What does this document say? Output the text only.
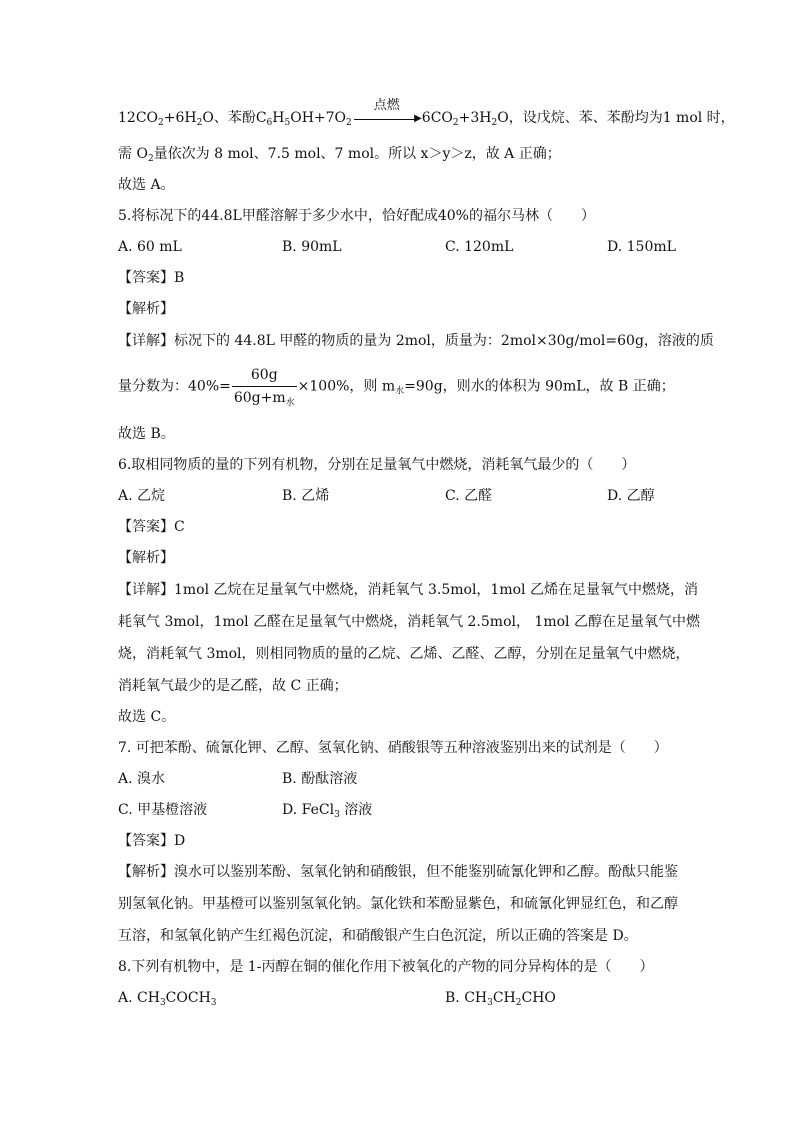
$12CO_2+6H_2O$、苯酚$C_6H_5OH+7O_2$
点燃
▶ $6CO_2+3H_2O$，设戊烷、苯、苯酚均为1 mol 时，
需 $O_2$量依次为 8 mol、7.5 mol、7 mol。所以 x＞y＞z，故 A 正确；
故选 A。
5.将标况下的44.8L甲醛溶解于多少水中，恰好配成40%的福尔马林（　　）
A. 60 mL	B. 90mL	C. 120mL	D. 150mL
【答案】B
【解析】
【详解】标况下的 44.8L 甲醛的物质的量为 2mol，质量为：2mol×30g/mol=60g，溶液的质
量分数为：$40\%= \frac{60g}{60g+m_水} \times 100\%$，则 $m_水=90g$，则水的体积为 90mL，故 B 正确；
故选 B。
6.取相同物质的量的下列有机物，分别在足量氧气中燃烧，消耗氧气最少的（　　）
A. 乙烷	B. 乙烯	C. 乙醛	D. 乙醇
【答案】C
【解析】
【详解】1mol 乙烷在足量氧气中燃烧，消耗氧气 3.5mol，1mol 乙烯在足量氧气中燃烧，消
耗氧气 3mol，1mol 乙醛在足量氧气中燃烧，消耗氧气 2.5mol， 1mol 乙醇在足量氧气中燃
烧，消耗氧气 3mol，则相同物质的量的乙烷、乙烯、乙醛、乙醇，分别在足量氧气中燃烧，
消耗氧气最少的是乙醛，故 C 正确；
故选 C。
7. 可把苯酚、硫氰化钾、乙醇、氢氧化钠、硝酸银等五种溶液鉴别出来的试剂是（　　）
A. 溴水	B. 酚酞溶液
C. 甲基橙溶液	D. FeCl$_3$ 溶液
【答案】D
【解析】溴水可以鉴别苯酚、氢氧化钠和硝酸银，但不能鉴别硫氰化钾和乙醇。酚酞只能鉴
别氢氧化钠。甲基橙可以鉴别氢氧化钠。氯化铁和苯酚显紫色，和硫氰化钾显红色，和乙醇
互溶，和氢氧化钠产生红褐色沉淀，和硝酸银产生白色沉淀，所以正确的答案是 D。
8.下列有机物中，是 1-丙醇在铜的催化作用下被氧化的产物的同分异构体的是（　　）
A. $CH_3COCH_3$	B. $CH_3CH_2CHO$
